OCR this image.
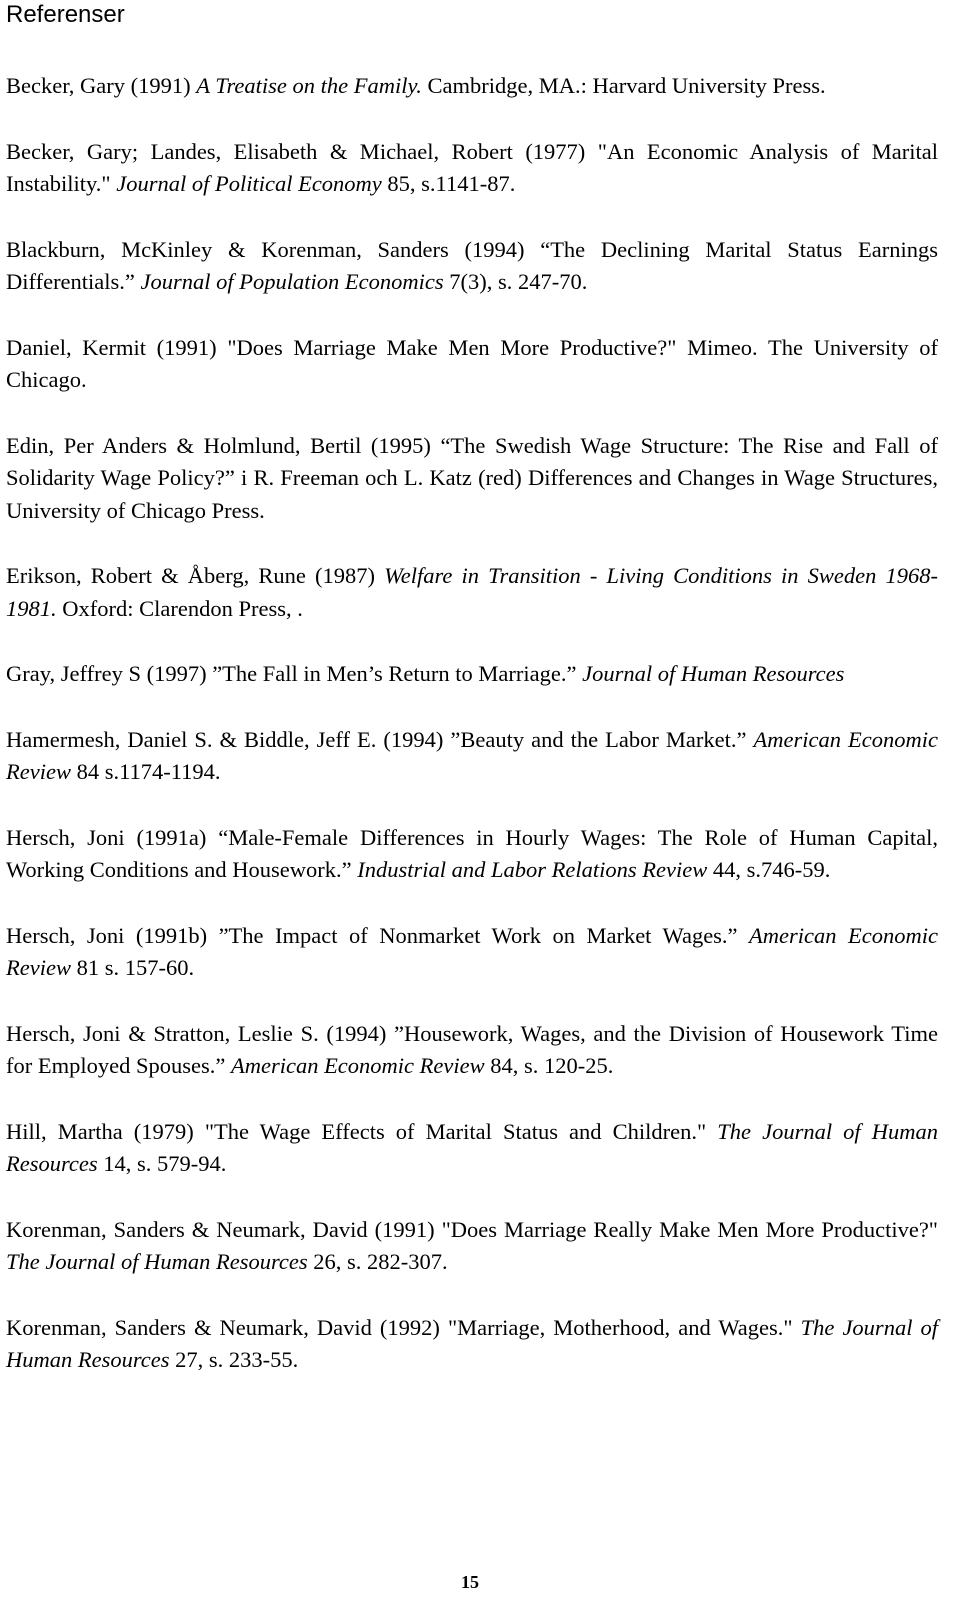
Referenser

Becker, Gary (1991) A Treatise on the Family. Cambridge, MA.: Harvard University Press.

Becker, Gary; Landes, Elisabeth & Michael, Robert (1977) "An Economic Analysis of Marital Instability." Journal of Political Economy 85, s.1141-87.

Blackburn, McKinley & Korenman, Sanders (1994) “The Declining Marital Status Earnings Differentials.” Journal of Population Economics 7(3), s. 247-70.

Daniel, Kermit (1991) "Does Marriage Make Men More Productive?" Mimeo. The University of Chicago.

Edin, Per Anders & Holmlund, Bertil (1995) “The Swedish Wage Structure: The Rise and Fall of Solidarity Wage Policy?” i R. Freeman och L. Katz (red) Differences and Changes in Wage Structures, University of Chicago Press.

Erikson, Robert & Åberg, Rune (1987) Welfare in Transition - Living Conditions in Sweden 1968-1981. Oxford: Clarendon Press, .

Gray, Jeffrey S (1997) ”The Fall in Men’s Return to Marriage.” Journal of Human Resources

Hamermesh, Daniel S. & Biddle, Jeff E. (1994) ”Beauty and the Labor Market.” American Economic Review 84 s.1174-1194.

Hersch, Joni (1991a) “Male-Female Differences in Hourly Wages: The Role of Human Capital, Working Conditions and Housework.” Industrial and Labor Relations Review 44, s.746-59.

Hersch, Joni (1991b) ”The Impact of Nonmarket Work on Market Wages.” American Economic Review 81 s. 157-60.

Hersch, Joni & Stratton, Leslie S. (1994) ”Housework, Wages, and the Division of Housework Time for Employed Spouses.” American Economic Review 84, s. 120-25.

Hill, Martha (1979) "The Wage Effects of Marital Status and Children." The Journal of Human Resources 14, s. 579-94.

Korenman, Sanders & Neumark, David (1991) "Does Marriage Really Make Men More Productive?" The Journal of Human Resources 26, s. 282-307.

Korenman, Sanders & Neumark, David (1992) "Marriage, Motherhood, and Wages." The Journal of Human Resources 27, s. 233-55.

15
